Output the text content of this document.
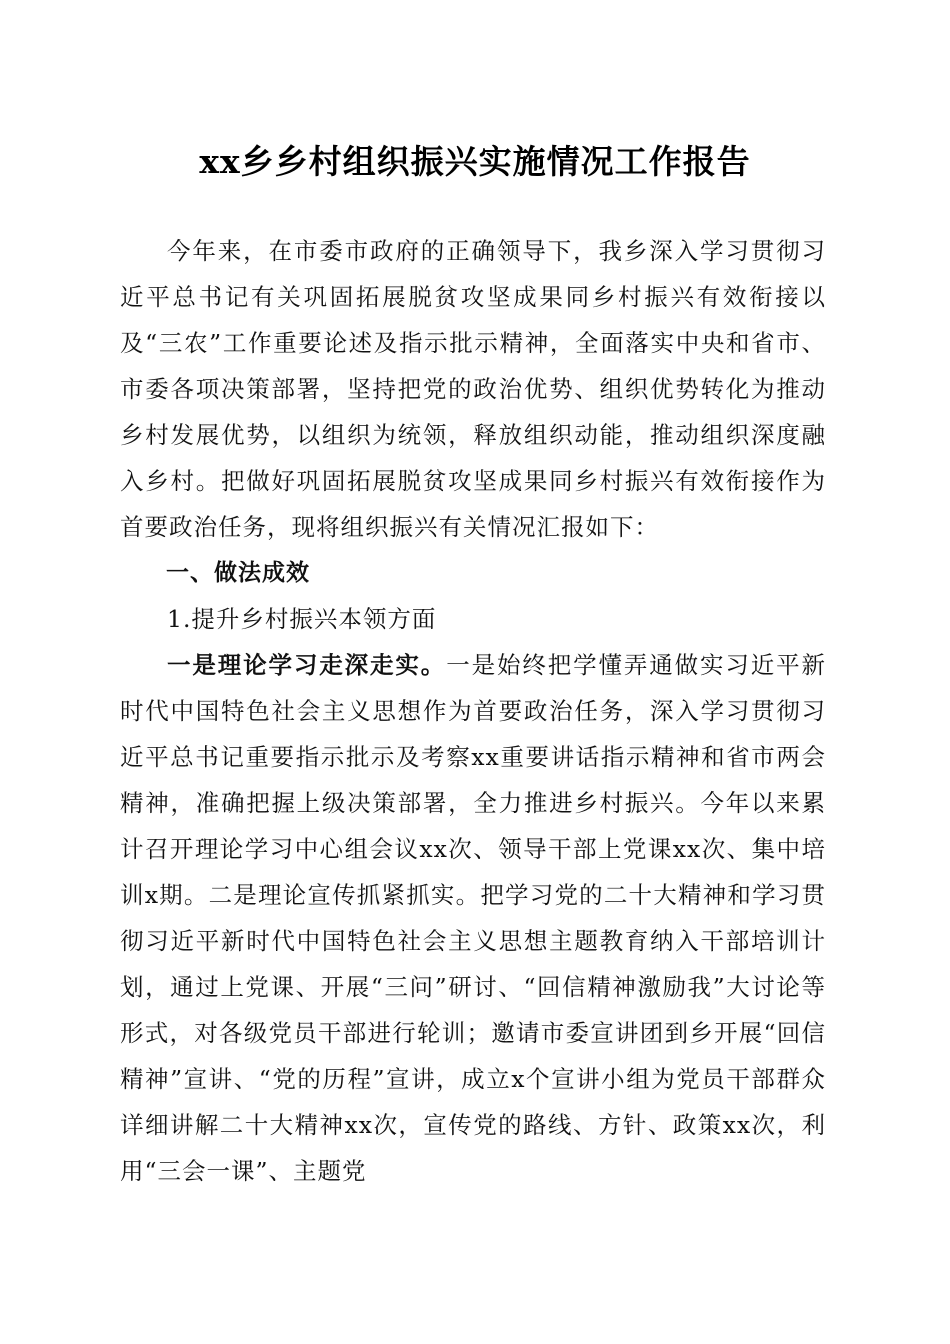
xx乡乡村组织振兴实施情况工作报告

今年来，在市委市政府的正确领导下，我乡深入学习贯彻习近平总书记有关巩固拓展脱贫攻坚成果同乡村振兴有效衔接以及“三农”工作重要论述及指示批示精神，全面落实中央和省市、市委各项决策部署，坚持把党的政治优势、组织优势转化为推动乡村发展优势，以组织为统领，释放组织动能，推动组织深度融入乡村。把做好巩固拓展脱贫攻坚成果同乡村振兴有效衔接作为首要政治任务，现将组织振兴有关情况汇报如下：

一、做法成效

1.提升乡村振兴本领方面

一是理论学习走深走实。一是始终把学懂弄通做实习近平新时代中国特色社会主义思想作为首要政治任务，深入学习贯彻习近平总书记重要指示批示及考察xx重要讲话指示精神和省市两会精神，准确把握上级决策部署，全力推进乡村振兴。今年以来累计召开理论学习中心组会议xx次、领导干部上党课xx次、集中培训x期。二是理论宣传抓紧抓实。把学习党的二十大精神和学习贯彻习近平新时代中国特色社会主义思想主题教育纳入干部培训计划，通过上党课、开展“三问”研讨、“回信精神激励我”大讨论等形式，对各级党员干部进行轮训；邀请市委宣讲团到乡开展“回信精神”宣讲、“党的历程”宣讲，成立x个宣讲小组为党员干部群众详细讲解二十大精神xx次，宣传党的路线、方针、政策xx次，利用“三会一课”、主题党
